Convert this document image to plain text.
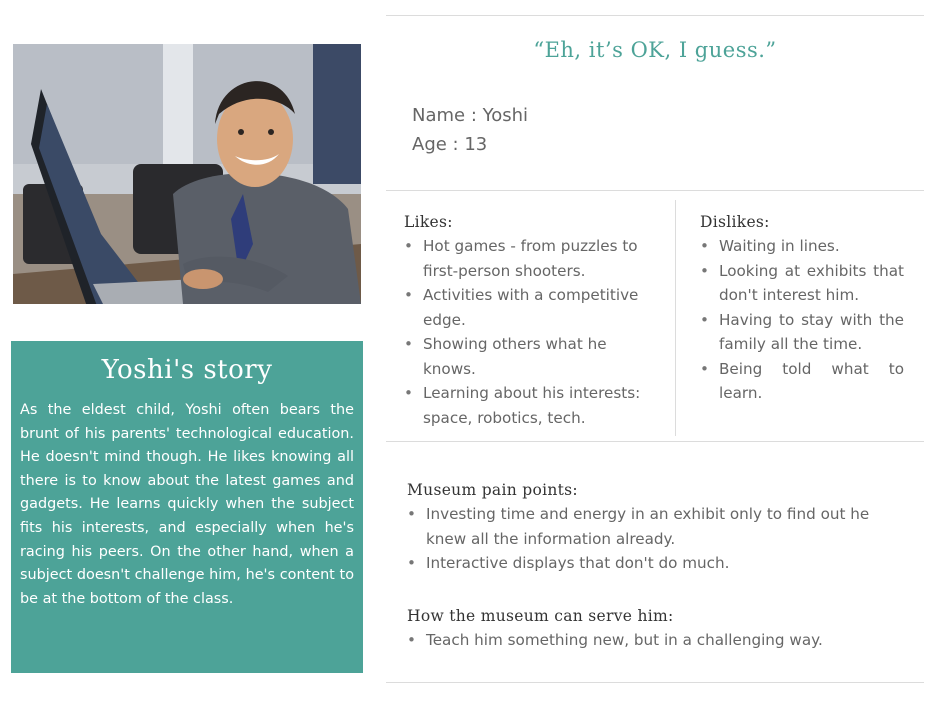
Yoshi's story
As the eldest child, Yoshi often bears the brunt of his parents' technological education. He doesn't mind though. He likes knowing all there is to know about the latest games and gadgets. He learns quickly when the subject fits his interests, and especially when he's racing his peers. On the other hand, when a subject doesn't challenge him, he's content to be at the bottom of the class.
“Eh, it’s OK, I guess.”
Name : Yoshi
Age : 13
Likes:
• Hot games - from puzzles to first-person shooters.
• Activities with a competitive edge.
• Showing others what he knows.
• Learning about his interests: space, robotics, tech.
Dislikes:
• Waiting in lines.
• Looking at exhibits that don't interest him.
• Having to stay with the family all the time.
• Being told what to learn.
Museum pain points:
• Investing time and energy in an exhibit only to find out he knew all the information already.
• Interactive displays that don't do much.
How the museum can serve him:
• Teach him something new, but in a challenging way.
